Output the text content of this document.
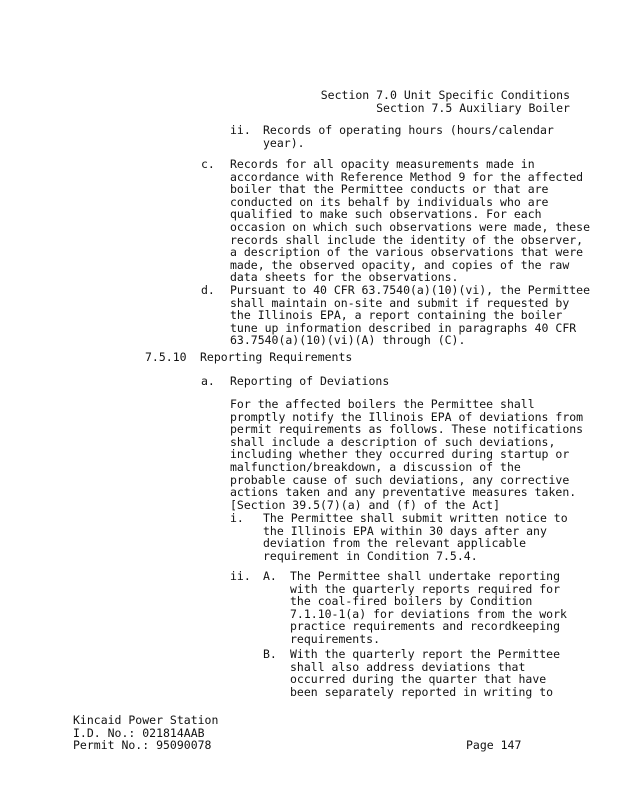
Section 7.0 Unit Specific Conditions
Section 7.5 Auxiliary Boiler
ii. Records of operating hours (hours/calendar
year).
c. Records for all opacity measurements made in
accordance with Reference Method 9 for the affected
boiler that the Permittee conducts or that are
conducted on its behalf by individuals who are
qualified to make such observations. For each
occasion on which such observations were made, these
records shall include the identity of the observer,
a description of the various observations that were
made, the observed opacity, and copies of the raw
data sheets for the observations.
d. Pursuant to 40 CFR 63.7540(a)(10)(vi), the Permittee
shall maintain on-site and submit if requested by
the Illinois EPA, a report containing the boiler
tune up information described in paragraphs 40 CFR
63.7540(a)(10)(vi)(A) through (C).
7.5.10 Reporting Requirements
a. Reporting of Deviations
For the affected boilers the Permittee shall
promptly notify the Illinois EPA of deviations from
permit requirements as follows. These notifications
shall include a description of such deviations,
including whether they occurred during startup or
malfunction/breakdown, a discussion of the
probable cause of such deviations, any corrective
actions taken and any preventative measures taken.
[Section 39.5(7)(a) and (f) of the Act]
i. The Permittee shall submit written notice to
the Illinois EPA within 30 days after any
deviation from the relevant applicable
requirement in Condition 7.5.4.
ii. A. The Permittee shall undertake reporting
with the quarterly reports required for
the coal-fired boilers by Condition
7.1.10-1(a) for deviations from the work
practice requirements and recordkeeping
requirements.
B. With the quarterly report the Permittee
shall also address deviations that
occurred during the quarter that have
been separately reported in writing to
Kincaid Power Station
I.D. No.: 021814AAB
Permit No.: 95090078	Page 147
